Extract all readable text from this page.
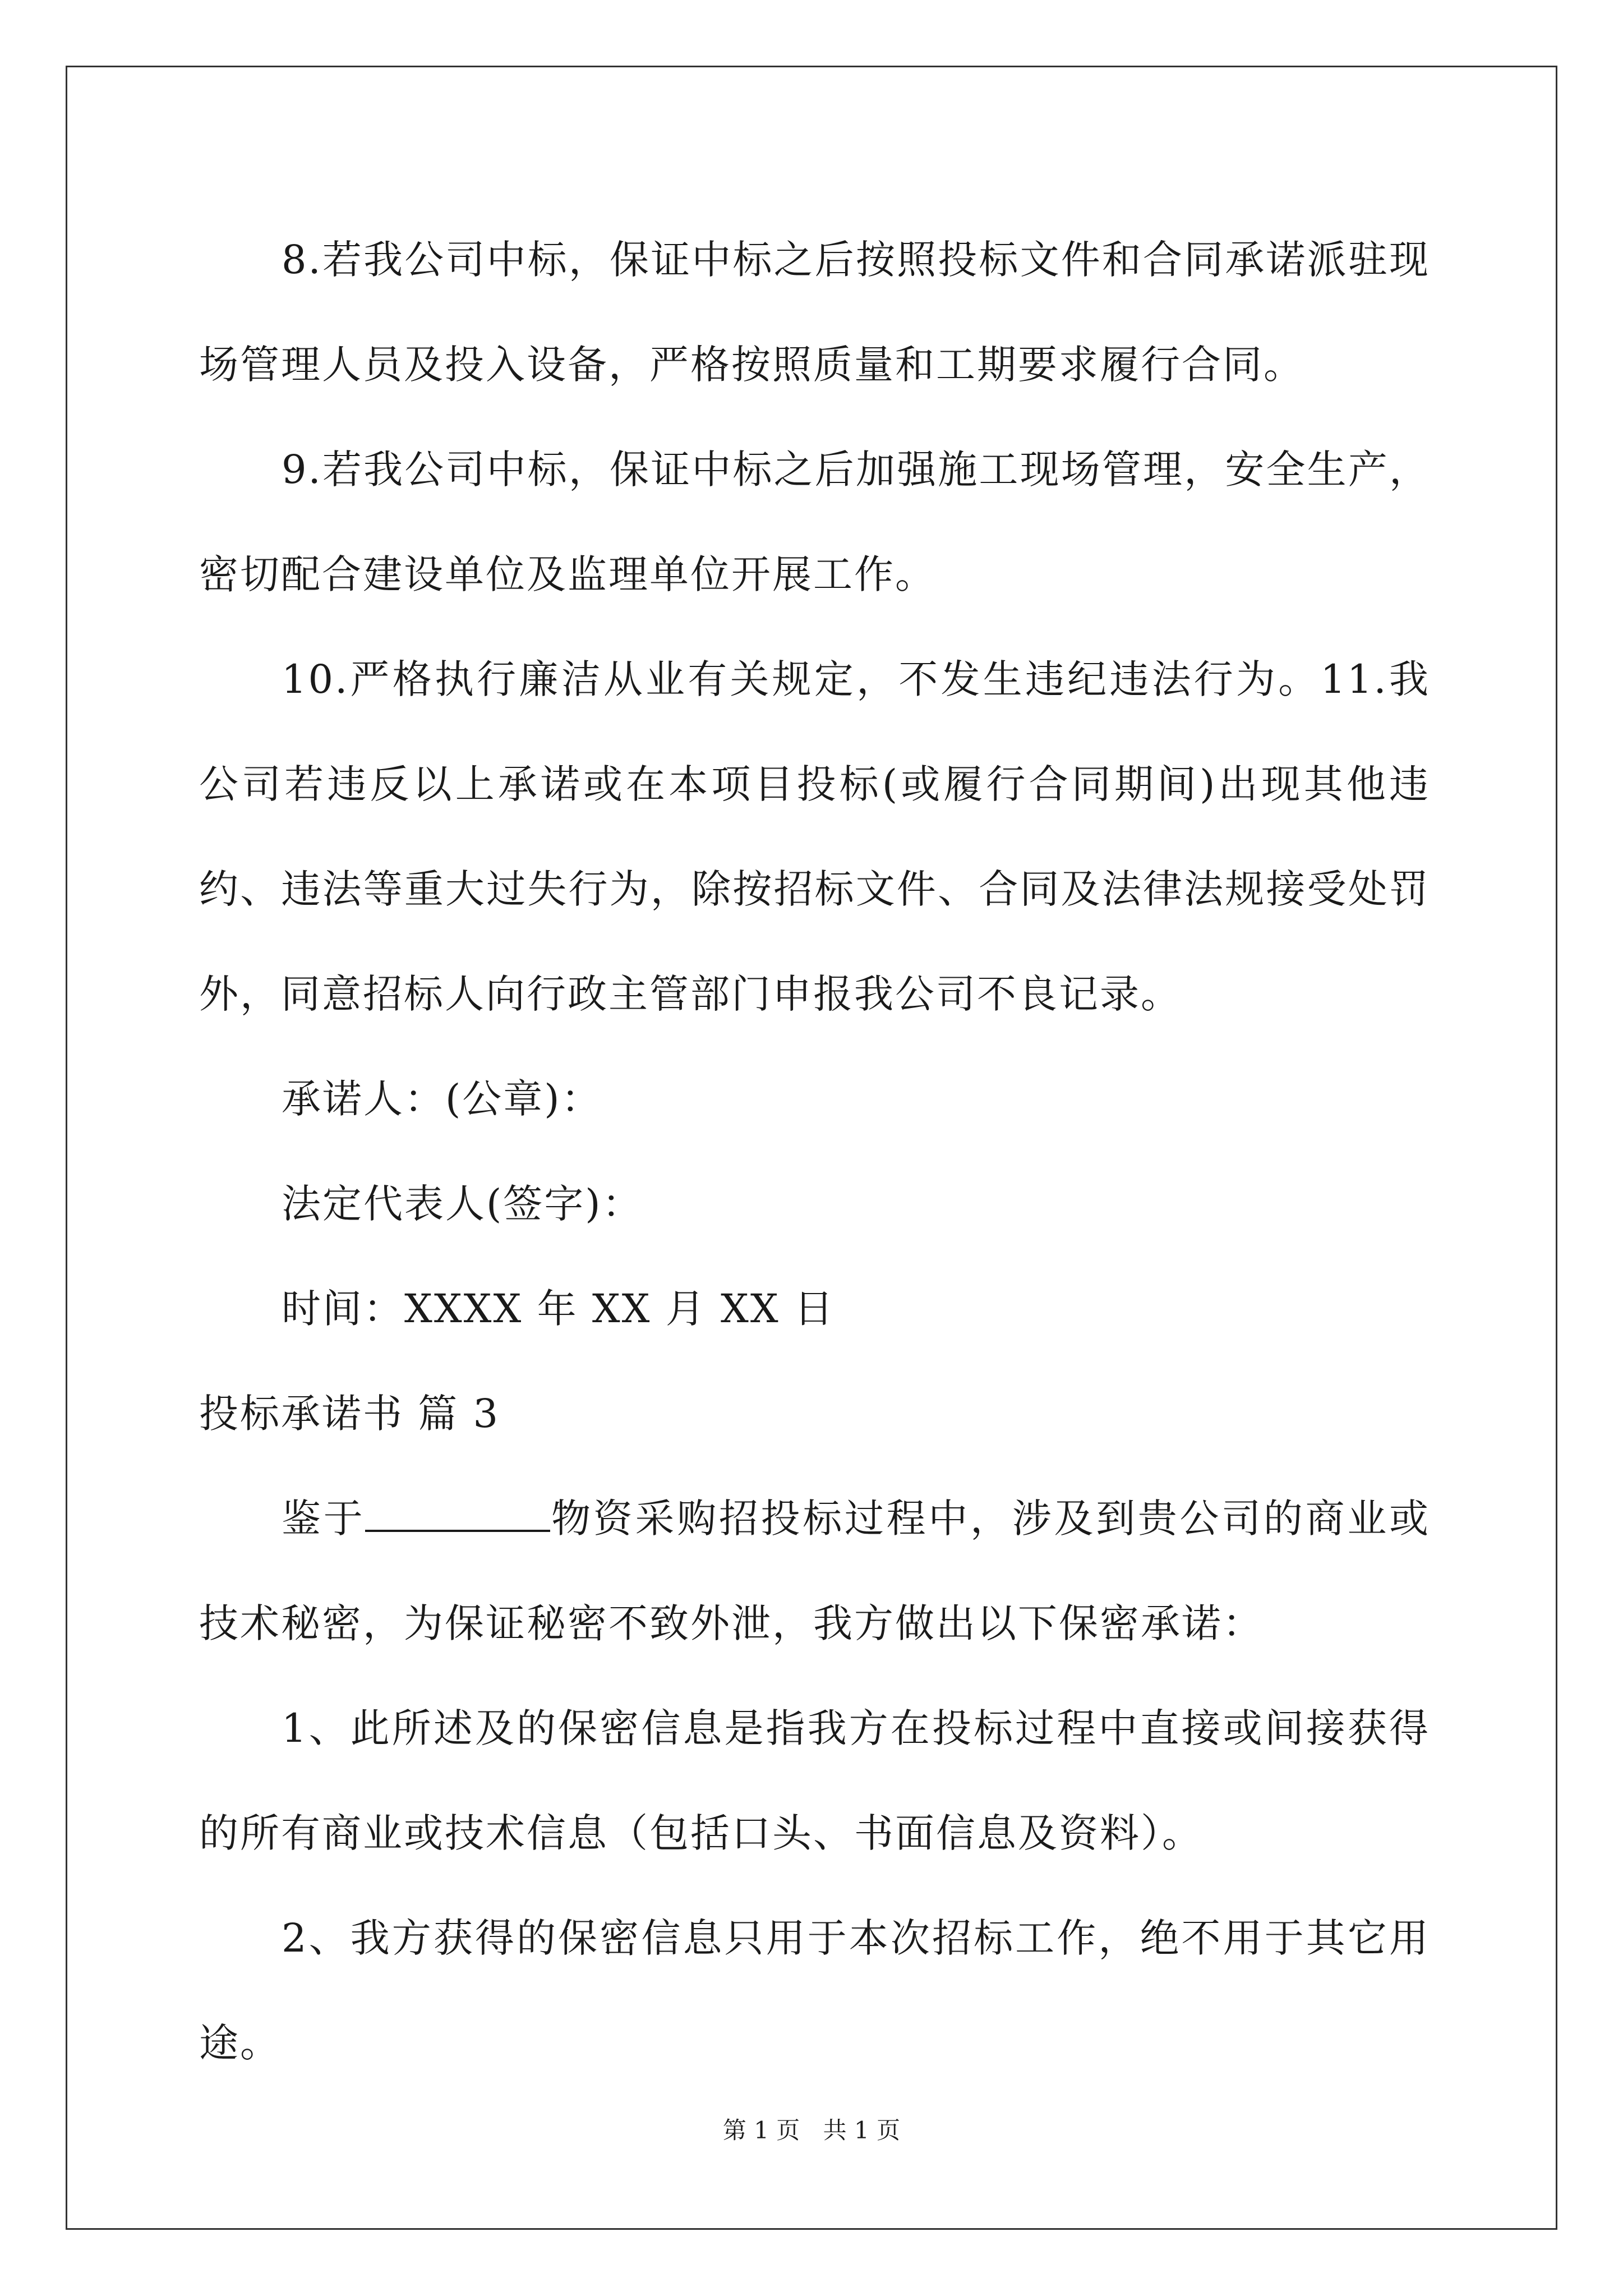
8.若我公司中标，保证中标之后按照投标文件和合同承诺派驻现场管理人员及投入设备，严格按照质量和工期要求履行合同。

9.若我公司中标，保证中标之后加强施工现场管理，安全生产，密切配合建设单位及监理单位开展工作。

10.严格执行廉洁从业有关规定，不发生违纪违法行为。11.我公司若违反以上承诺或在本项目投标(或履行合同期间)出现其他违约、违法等重大过失行为，除按招标文件、合同及法律法规接受处罚外，同意招标人向行政主管部门申报我公司不良记录。

承诺人：(公章)：

法定代表人(签字)：

时间：XXXX 年 XX 月 XX 日

投标承诺书 篇 3

鉴于	物资采购招投标过程中，涉及到贵公司的商业或技术秘密，为保证秘密不致外泄，我方做出以下保密承诺：

1、此所述及的保密信息是指我方在投标过程中直接或间接获得的所有商业或技术信息（包括口头、书面信息及资料）。

2、我方获得的保密信息只用于本次招标工作，绝不用于其它用途。

第 1 页 共 1 页
